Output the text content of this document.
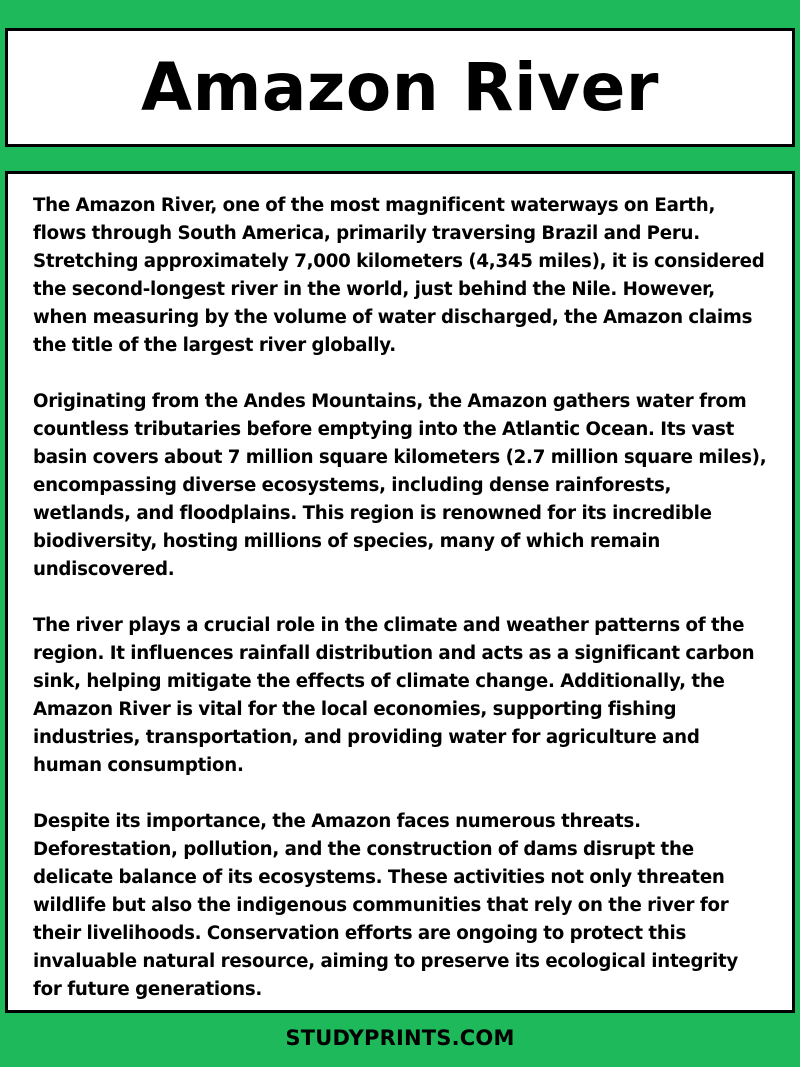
Amazon River

The Amazon River, one of the most magnificent waterways on Earth, flows through South America, primarily traversing Brazil and Peru. Stretching approximately 7,000 kilometers (4,345 miles), it is considered the second-longest river in the world, just behind the Nile. However, when measuring by the volume of water discharged, the Amazon claims the title of the largest river globally.

Originating from the Andes Mountains, the Amazon gathers water from countless tributaries before emptying into the Atlantic Ocean. Its vast basin covers about 7 million square kilometers (2.7 million square miles), encompassing diverse ecosystems, including dense rainforests, wetlands, and floodplains. This region is renowned for its incredible biodiversity, hosting millions of species, many of which remain undiscovered.

The river plays a crucial role in the climate and weather patterns of the region. It influences rainfall distribution and acts as a significant carbon sink, helping mitigate the effects of climate change. Additionally, the Amazon River is vital for the local economies, supporting fishing industries, transportation, and providing water for agriculture and human consumption.

Despite its importance, the Amazon faces numerous threats. Deforestation, pollution, and the construction of dams disrupt the delicate balance of its ecosystems. These activities not only threaten wildlife but also the indigenous communities that rely on the river for their livelihoods. Conservation efforts are ongoing to protect this invaluable natural resource, aiming to preserve its ecological integrity for future generations.

STUDYPRINTS.COM
